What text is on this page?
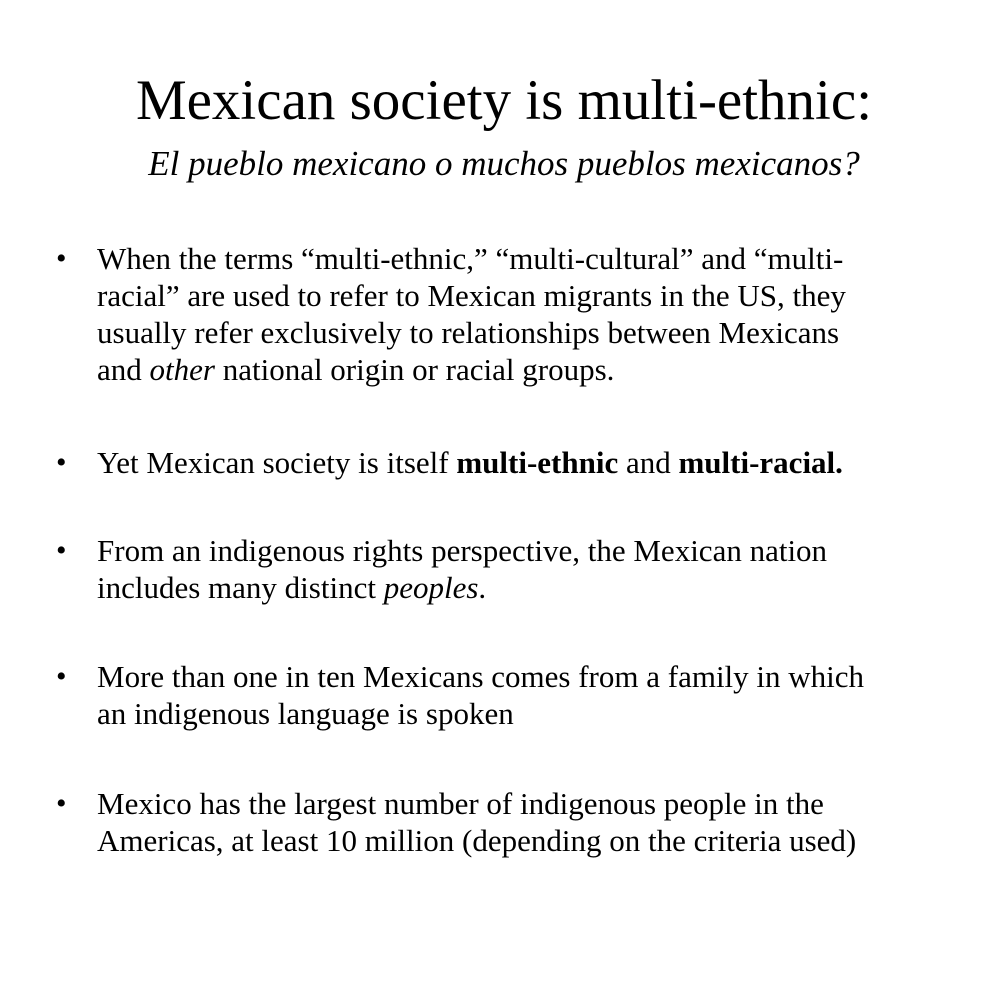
Mexican society is multi-ethnic:

El pueblo mexicano o muchos pueblos mexicanos?

• When the terms “multi-ethnic,” “multi-cultural” and “multi-
racial” are used to refer to Mexican migrants in the US, they
usually refer exclusively to relationships between Mexicans
and other national origin or racial groups.
• Yet Mexican society is itself multi-ethnic and multi-racial.
• From an indigenous rights perspective, the Mexican nation
includes many distinct peoples.
• More than one in ten Mexicans comes from a family in which
an indigenous language is spoken
• Mexico has the largest number of indigenous people in the
Americas, at least 10 million (depending on the criteria used)
